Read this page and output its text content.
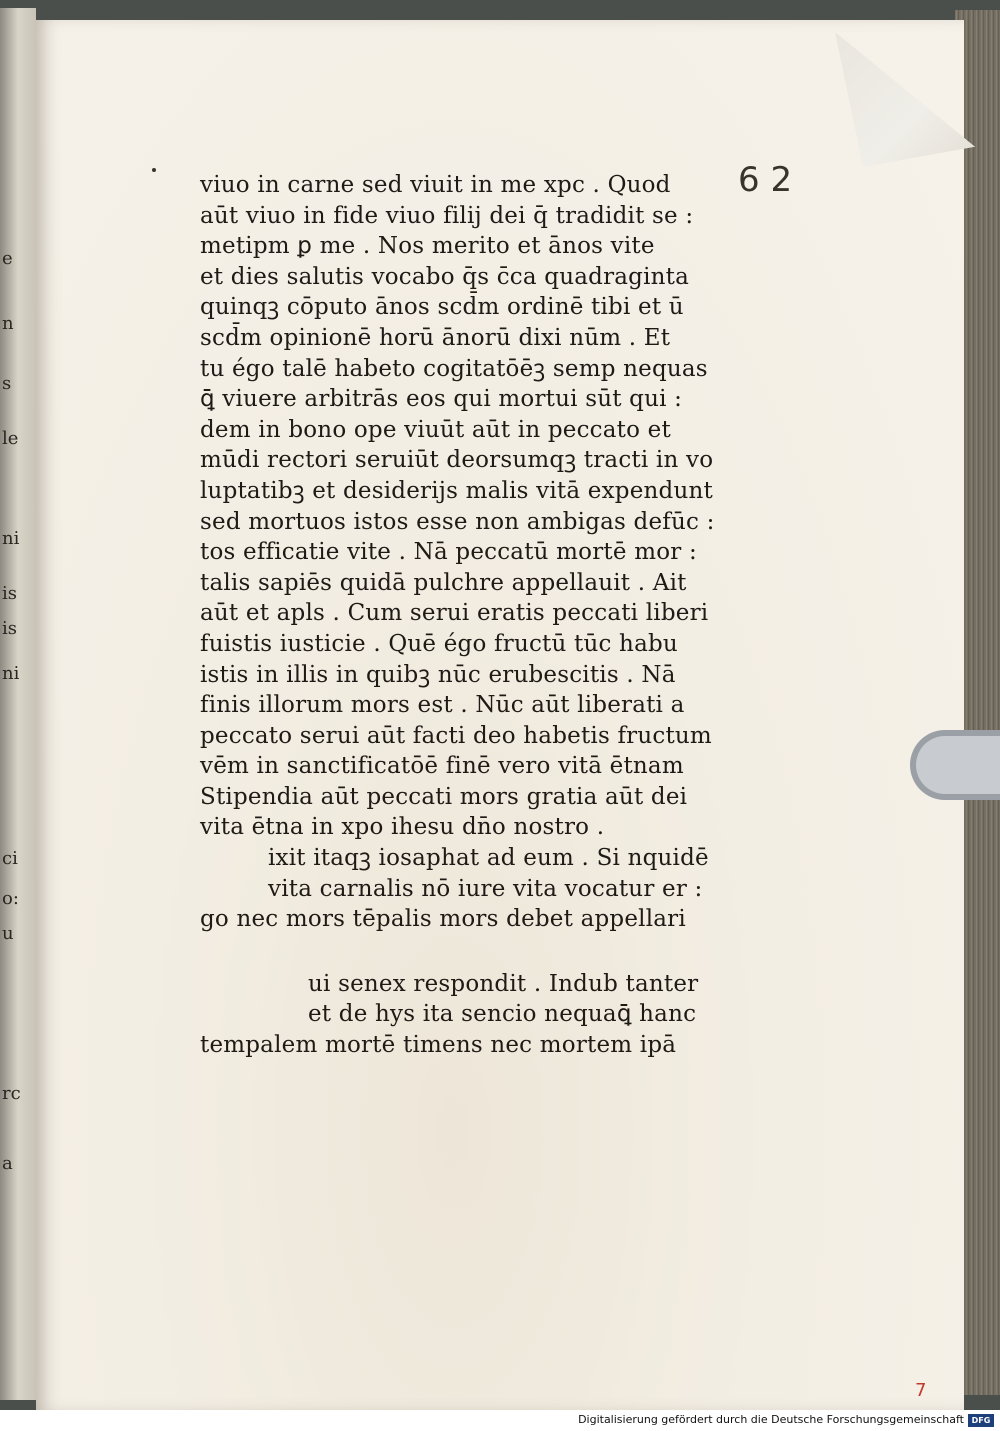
e
n
s
le
ni
is
is
ni
ci
o:
u
rc
a
6 2
viuo in carne sed viuit in me xpc . Quod
aūt viuo in fide viuo filij dei q̄ tradidit se :
metipm ꝑ me . Nos merito et ānos vite
et dies salutis vocabo q̄s c̄ca quadraginta
quinqꝫ cōputo ānos scd̄m ordinē tibi et ū
scd̄m opinionē horū ānorū dixi nūm . Et
tu égo talē habeto cogitatōēꝫ semp nequas
ꝗ̄ viuere arbitrās eos qui mortui sūt qui :
dem in bono ope viuūt aūt in peccato et
mūdi rectori seruiūt deorsumqꝫ tracti in vo
luptatibꝫ et desiderijs malis vitā expendunt
sed mortuos istos esse non ambigas defūc :
tos efficatie vite . Nā peccatū mortē mor :
talis sapiēs quidā pulchre appellauit . Ait
aūt et apls . Cum serui eratis peccati liberi
fuistis iusticie . Quē égo fructū tūc habu
istis in illis in quibꝫ nūc erubescitis . Nā
finis illorum mors est . Nūc aūt liberati a
peccato serui aūt facti deo habetis fructum
vēm in sanctificatōē finē vero vitā ētnam
Stipendia aūt peccati mors gratia aūt dei
vita ētna in xpo ihesu dn̄o nostro .
ixit itaqꝫ iosaphat ad eum . Si nquidē
vita carnalis nō iure vita vocatur er :
go nec mors tēpalis mors debet appellari
ui senex respondit . Indub tanter
et de hys ita sencio nequaꝗ̄ hanc
tempalem mortē timens nec mortem ipā
7
Digitalisierung gefördert durch die Deutsche Forschungsgemeinschaft DFG
